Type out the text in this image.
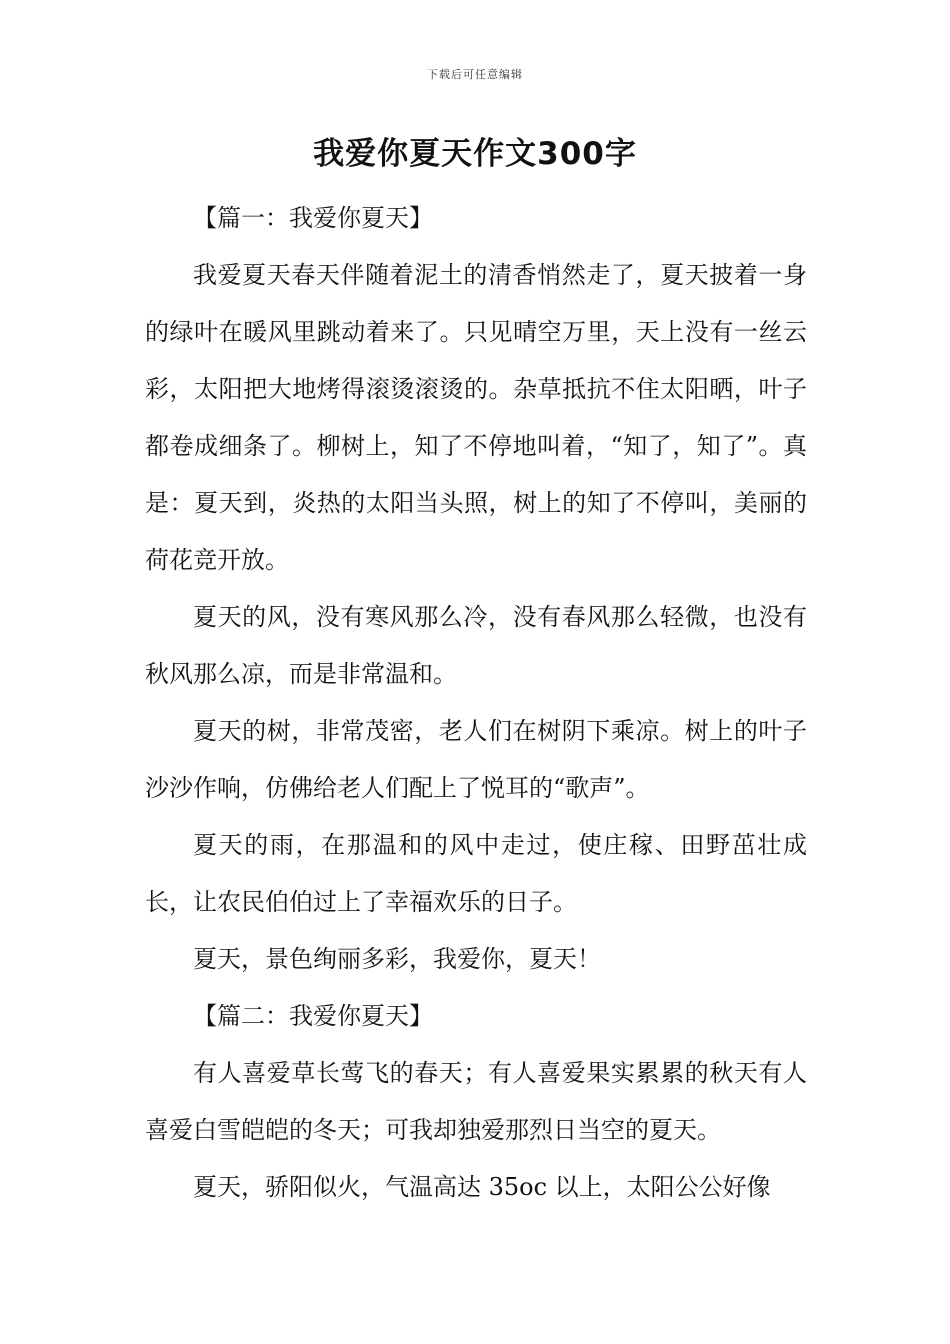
下载后可任意编辑
我爱你夏天作文300字

【篇一：我爱你夏天】

我爱夏天春天伴随着泥土的清香悄然走了，夏天披着一身的绿叶在暖风里跳动着来了。只见晴空万里，天上没有一丝云彩，太阳把大地烤得滚烫滚烫的。杂草抵抗不住太阳晒，叶子都卷成细条了。柳树上，知了不停地叫着，“知了，知了”。真是：夏天到，炎热的太阳当头照，树上的知了不停叫，美丽的荷花竞开放。

夏天的风，没有寒风那么冷，没有春风那么轻微，也没有秋风那么凉，而是非常温和。

夏天的树，非常茂密，老人们在树阴下乘凉。树上的叶子沙沙作响，仿佛给老人们配上了悦耳的“歌声”。

夏天的雨，在那温和的风中走过，使庄稼、田野茁壮成长，让农民伯伯过上了幸福欢乐的日子。

夏天，景色绚丽多彩，我爱你，夏天！

【篇二：我爱你夏天】

有人喜爱草长莺飞的春天；有人喜爱果实累累的秋天有人喜爱白雪皑皑的冬天；可我却独爱那烈日当空的夏天。

夏天，骄阳似火，气温高达 35oc 以上，太阳公公好像
